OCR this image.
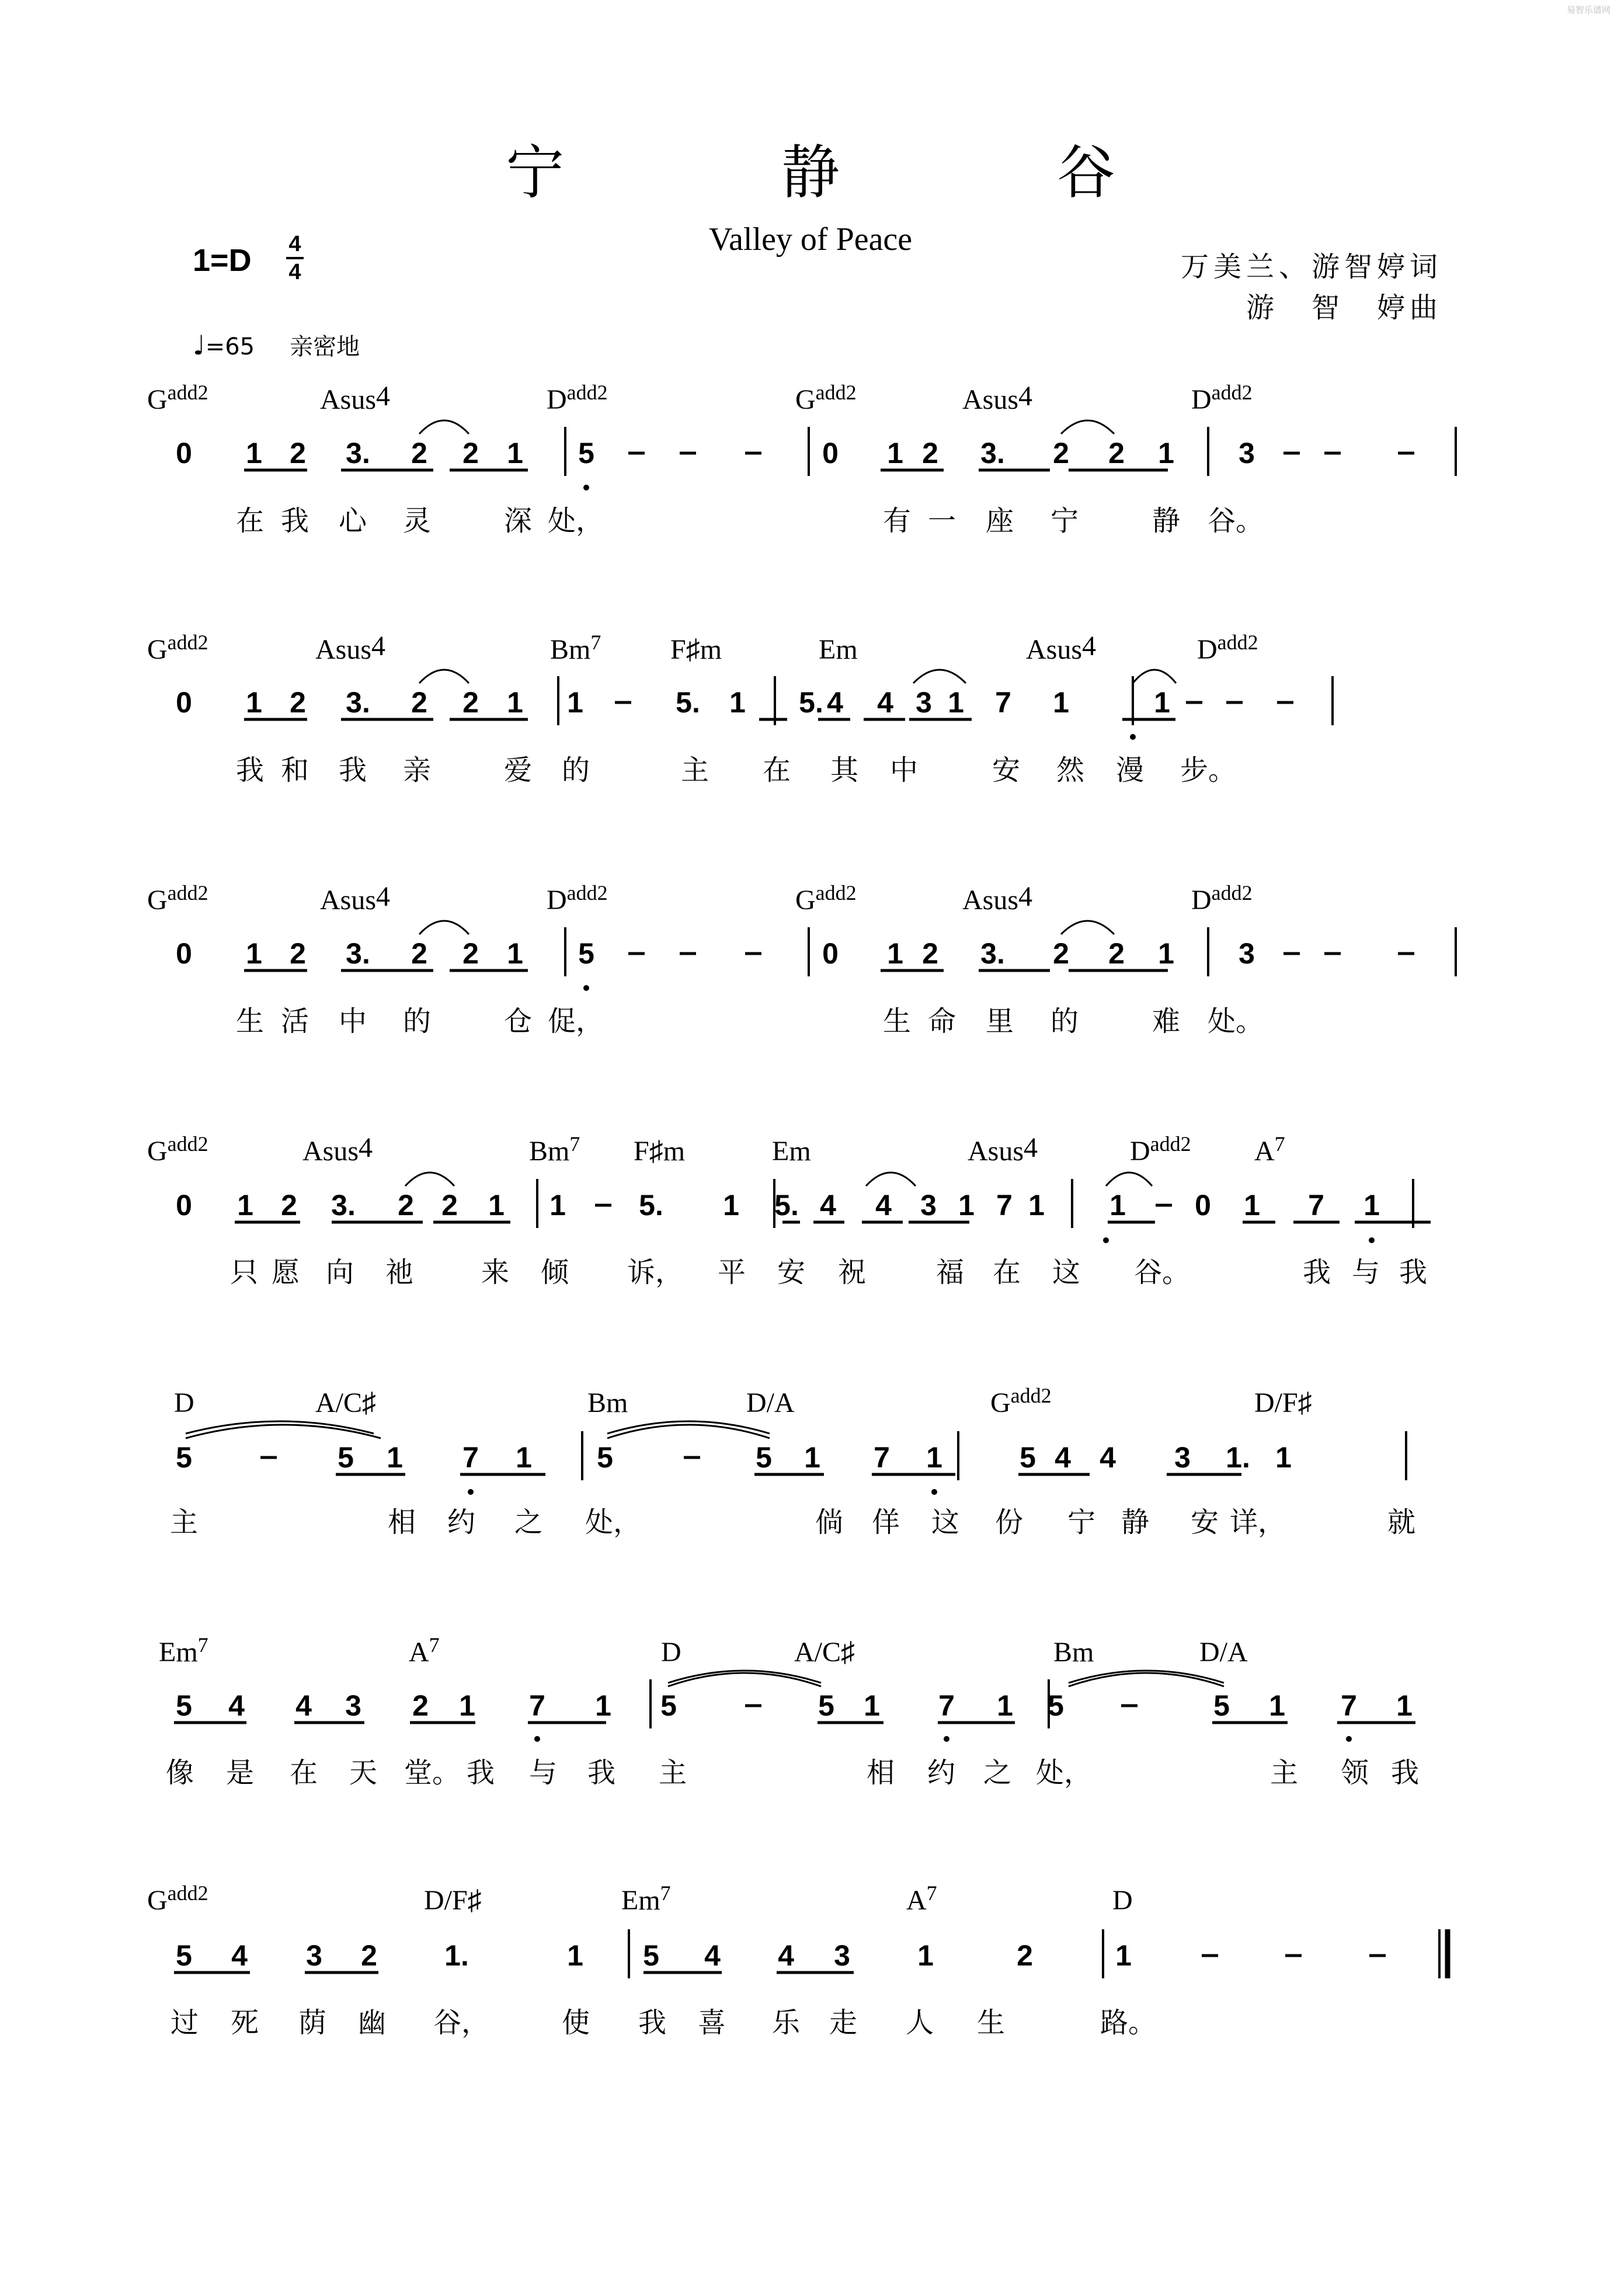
易智乐谱网
宁 静 谷
Valley of Peace
1=D 4
4	万美兰、游智婷词
游　智　婷曲
♩=65 亲密地
$G^{add2}$	Asus4	$D^{add2}$	$G^{add2}$	Asus4	$D^{add2}$
0 1 2 3. 2 2 1 5	0 1 2 3. 2 2 1 3
在 我 心 灵	深 处，	有 一 座 宁	静 谷。
$G^{add2}$	Asus4	Bm$^7$ F♯m	Em	Asus4	$D^{add2}$
0 1 2 3. 2 2 1 1	5. 1 5. 4 4 3 1 7 1	1
我 和 我 亲	爱 的	主 在 其 中	安 然 漫 步。
$G^{add2}$	Asus4	$D^{add2}$	$G^{add2}$	Asus4	$D^{add2}$
0 1 2 3. 2 2 1 5	0 1 2 3. 2 2 1 3
生 活 中 的	仓 促，	生 命 里 的	难 处。
$G^{add2}$	Asus4	Bm$^7$ F♯m	Em	Asus4	$D^{add2}$ $A^7$
0 1 2 3. 2 2 1 1	5. 1 5. 4 4 3 1 7 1 1 0 1 7 1
只 愿 向 祂 来 倾 诉， 平 安 祝 福 在 这 谷。	我 与 我
D	A/C♯	Bm	D/A	$G^{add2}$	D/F♯
5	5 1 7 1 5	5 1 7 1	5 4 4 3 1. 1
主	相 约 之 处，	倘 佯 这 份 宁 静 安 详，	就
Em$^7$	$A^7$	D	A/C♯	Bm	D/A
5 4 4 3 2 1 7 1 5	5 1 7 1 5	5 1 7 1
像 是 在 天 堂。 我 与 我 主	相 约 之 处，	主 领 我
$G^{add2}$	D/F♯	Em$^7$	$A^7$	D
5 4 3 2 1.	1 5 4 4 3 1	2	1
过 死 荫 幽 谷，	使 我 喜 乐 走 人 生	路。
